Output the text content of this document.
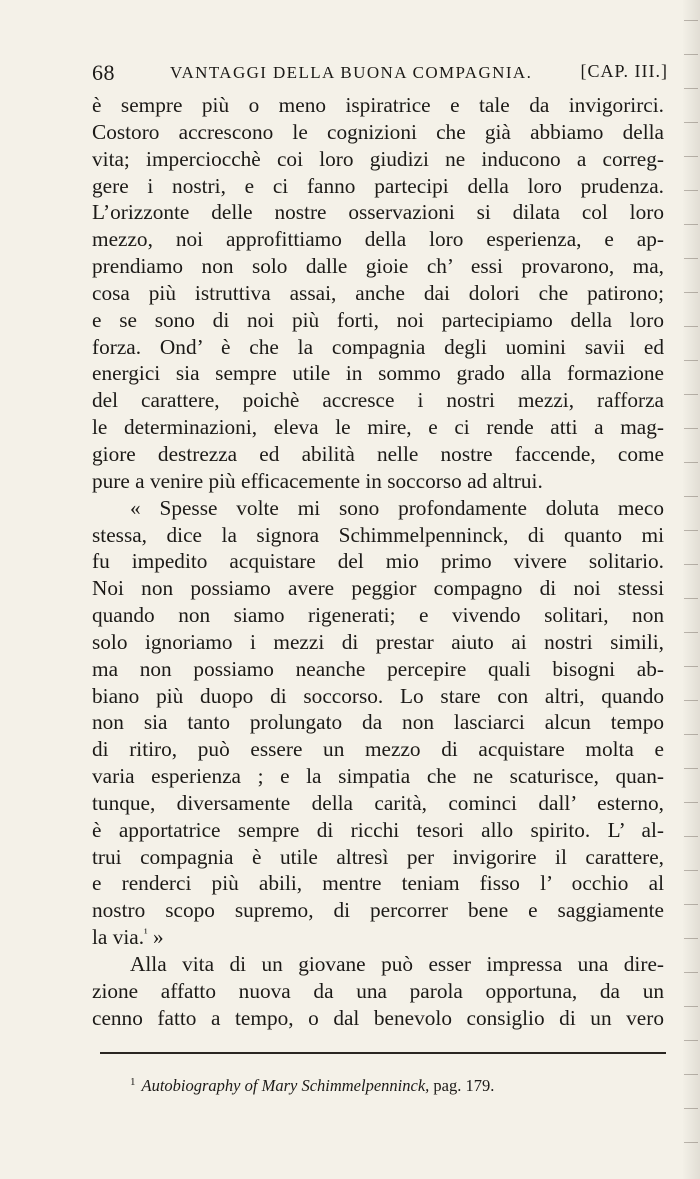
68	VANTAGGI DELLA BUONA COMPAGNIA.	[CAP. III.]
è sempre più o meno ispiratrice e tale da invigorirci.
Costoro accrescono le cognizioni che già abbiamo della
vita; imperciocchè coi loro giudizi ne inducono a correg-
gere i nostri, e ci fanno partecipi della loro prudenza.
L’orizzonte delle nostre osservazioni si dilata col loro
mezzo, noi approfittiamo della loro esperienza, e ap-
prendiamo non solo dalle gioie ch’ essi provarono, ma,
cosa più istruttiva assai, anche dai dolori che patirono;
e se sono di noi più forti, noi partecipiamo della loro
forza. Ond’ è che la compagnia degli uomini savii ed
energici sia sempre utile in sommo grado alla formazione
del carattere, poichè accresce i nostri mezzi, rafforza
le determinazioni, eleva le mire, e ci rende atti a mag-
giore destrezza ed abilità nelle nostre faccende, come
pure a venire più efficacemente in soccorso ad altrui.
« Spesse volte mi sono profondamente doluta meco
stessa, dice la signora Schimmelpenninck, di quanto mi
fu impedito acquistare del mio primo vivere solitario.
Noi non possiamo avere peggior compagno di noi stessi
quando non siamo rigenerati; e vivendo solitari, non
solo ignoriamo i mezzi di prestar aiuto ai nostri simili,
ma non possiamo neanche percepire quali bisogni ab-
biano più duopo di soccorso. Lo stare con altri, quando
non sia tanto prolungato da non lasciarci alcun tempo
di ritiro, può essere un mezzo di acquistare molta e
varia esperienza ; e la simpatia che ne scaturisce, quan-
tunque, diversamente della carità, cominci dall’ esterno,
è apportatrice sempre di ricchi tesori allo spirito. L’ al-
trui compagnia è utile altresì per invigorire il carattere,
e renderci più abili, mentre teniam fisso l’ occhio al
nostro scopo supremo, di percorrer bene e saggiamente
la via.$^{^1}$ »
Alla vita di un giovane può esser impressa una dire-
zione affatto nuova da una parola opportuna, da un
cenno fatto a tempo, o dal benevolo consiglio di un vero
$^1$ Autobiography of Mary Schimmelpenninck, pag. 179.
